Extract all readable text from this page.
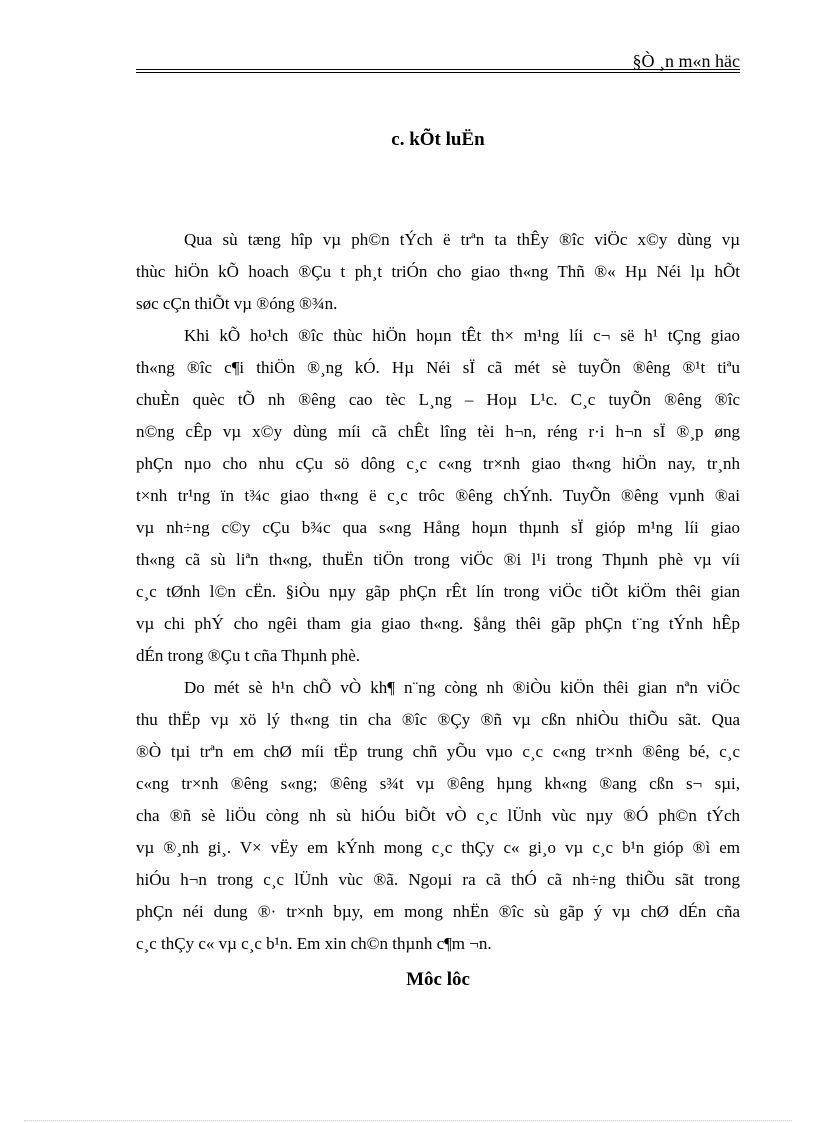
§Ò ¸n m«n häc
c. kÕt luËn
Qua sù tæng hîp vµ ph©n tÝch ë trªn ta thÊy ®îc viÖc x©y dùng vµ
thùc hiÖn kÕ hoach ®Çu t ph¸t triÓn cho giao th«ng Thñ ®« Hµ Néi lµ hÕt
søc cÇn thiÕt vµ ®óng ®¾n.
Khi kÕ ho¹ch ®îc thùc hiÖn hoµn tÊt th× m¹ng líi c¬ së h¹ tÇng giao
th«ng ®îc c¶i thiÖn ®¸ng kÓ. Hµ Néi sÏ cã mét sè tuyÕn ®êng ®¹t tiªu
chuÈn quèc tÕ nh ®êng cao tèc L¸ng – Hoµ L¹c. C¸c tuyÕn ®êng ®îc
n©ng cÊp vµ x©y dùng míi cã chÊt lîng tèi h¬n, réng r·i h¬n sÏ ®¸p øng
phÇn nµo cho nhu cÇu sö dông c¸c c«ng tr×nh giao th«ng hiÖn nay, tr¸nh
t×nh tr¹ng ïn t¾c giao th«ng ë c¸c trôc ®êng chÝnh. TuyÕn ®êng vµnh ®ai
vµ nh÷ng c©y cÇu b¾c qua s«ng Hång hoµn thµnh sÏ gióp m¹ng líi giao
th«ng cã sù liªn th«ng, thuËn tiÖn trong viÖc ®i l¹i trong Thµnh phè vµ víi
c¸c tØnh l©n cËn. §iÒu nµy gãp phÇn rÊt lín trong viÖc tiÕt kiÖm thêi gian
vµ chi phÝ cho ngêi tham gia giao th«ng. §ång thêi gãp phÇn t¨ng tÝnh hÊp
dÉn trong ®Çu t cña Thµnh phè.
Do mét sè h¹n chÕ vÒ kh¶ n¨ng còng nh ®iÒu kiÖn thêi gian nªn viÖc
thu thËp vµ xö lý th«ng tin cha ®îc ®Çy ®ñ vµ cßn nhiÒu thiÕu sãt. Qua
®Ò tµi trªn em chØ míi tËp trung chñ yÕu vµo c¸c c«ng tr×nh ®êng bé, c¸c
c«ng tr×nh ®êng s«ng; ®êng s¾t vµ ®êng hµng kh«ng ®ang cßn s¬ sµi,
cha ®ñ sè liÖu còng nh sù hiÓu biÕt vÒ c¸c lÜnh vùc nµy ®Ó ph©n tÝch
vµ ®¸nh gi¸. V× vËy em kÝnh mong c¸c thÇy c« gi¸o vµ c¸c b¹n gióp ®ì em
hiÓu h¬n trong c¸c lÜnh vùc ®ã. Ngoµi ra cã thÓ cã nh÷ng thiÕu sãt trong
phÇn néi dung ®· tr×nh bµy, em mong nhËn ®îc sù gãp ý vµ chØ dÉn cña
c¸c thÇy c« vµ c¸c b¹n. Em xin ch©n thµnh c¶m ¬n.
Môc lôc
